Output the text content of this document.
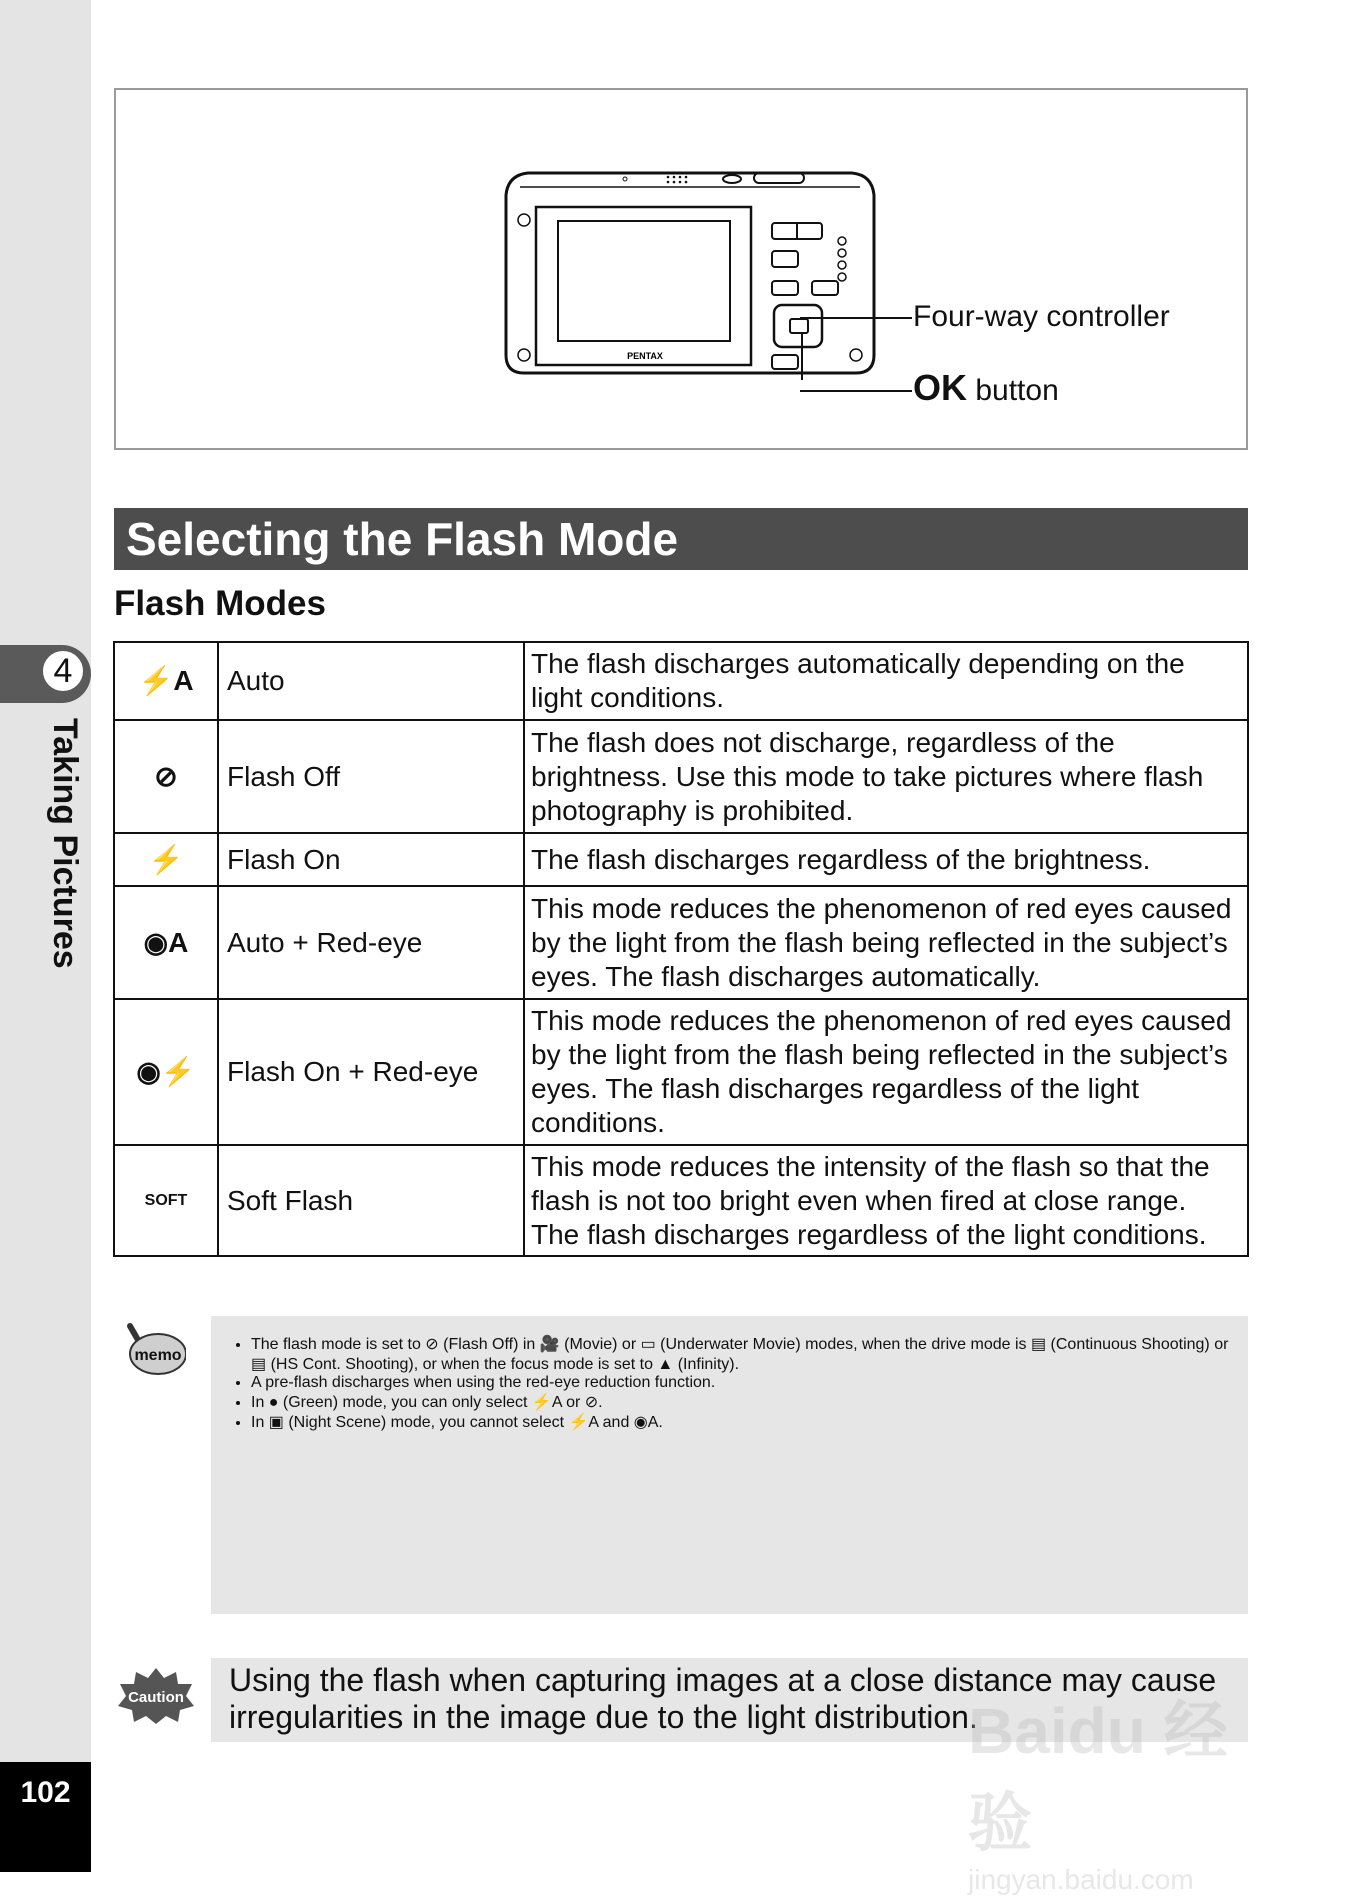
4
Taking Pictures
102
PENTAX
Four-way controller
OK button
Selecting the Flash Mode
Flash Modes
⚡A	Auto	The flash discharges automatically depending on the light conditions.
⊘	Flash Off	The flash does not discharge, regardless of the brightness. Use this mode to take pictures where flash photography is prohibited.
⚡	Flash On	The flash discharges regardless of the brightness.
◉A	Auto + Red-eye	This mode reduces the phenomenon of red eyes caused by the light from the flash being reflected in the subject’s eyes. The flash discharges automatically.
◉⚡	Flash On + Red-eye	This mode reduces the phenomenon of red eyes caused by the light from the flash being reflected in the subject’s eyes. The flash discharges regardless of the light conditions.
SOFT	Soft Flash	This mode reduces the intensity of the flash so that the flash is not too bright even when fired at close range. The flash discharges regardless of the light conditions.
memo
• The flash mode is set to ⊘ (Flash Off) in 🎥 (Movie) or ▭ (Underwater Movie) modes, when the drive mode is ▤ (Continuous Shooting) or ▤ (HS Cont. Shooting), or when the focus mode is set to ▲ (Infinity).
• A pre-flash discharges when using the red-eye reduction function.
• In ● (Green) mode, you can only select ⚡A or ⊘.
• In ▣ (Night Scene) mode, you cannot select ⚡A and ◉A.
Caution	Using the flash when capturing images at a close distance may cause irregularities in the image due to the light distribution.

Baidu 经验
jingyan.baidu.com
